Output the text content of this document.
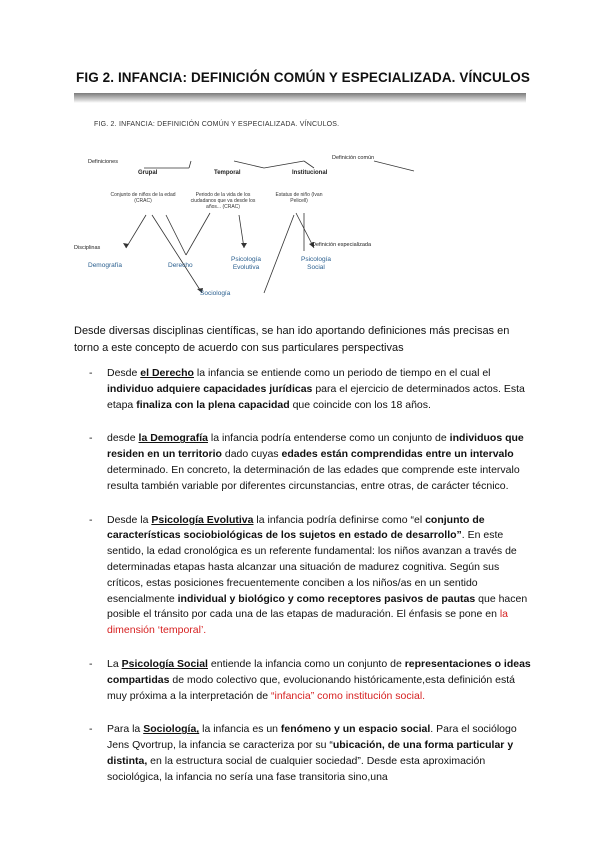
FIG 2. INFANCIA: DEFINICIÓN COMÚN Y ESPECIALIZADA. VÍNCULOS
FIG. 2. INFANCIA: DEFINICIÓN COMÚN Y ESPECIALIZADA. VÍNCULOS.
Definiciones
Definición común
Grupal	Temporal	Institucional
Conjunto de niños de la edad (CRAC)
Periodo de la vida de los ciudadanos que va desde los años... (CRAC)
Estatus de niño (Ivan Pelicell)
Disciplinas	Definición especializada
Demografía	Derecho
Psicología
Evolutiva
Psicología
Social
Sociología

Desde diversas disciplinas científicas, se han ido aportando definiciones más precisas en torno a este concepto de acuerdo con sus particulares perspectivas

- Desde el Derecho la infancia se entiende como un periodo de tiempo en el cual el individuo adquiere capacidades jurídicas para el ejercicio de determinados actos. Esta etapa finaliza con la plena capacidad que coincide con los 18 años.
- desde la Demografía la infancia podría entenderse como un conjunto de individuos que residen en un territorio dado cuyas edades están comprendidas entre un intervalo determinado. En concreto, la determinación de las edades que comprende este intervalo resulta también variable por diferentes circunstancias, entre otras, de carácter técnico.
- Desde la Psicología Evolutiva la infancia podría definirse como “el conjunto de características sociobiológicas de los sujetos en estado de desarrollo”. En este sentido, la edad cronológica es un referente fundamental: los niños avanzan a través de determinadas etapas hasta alcanzar una situación de madurez cognitiva. Según sus críticos, estas posiciones frecuentemente conciben a los niños/as en un sentido esencialmente individual y biológico y como receptores pasivos de pautas que hacen posible el tránsito por cada una de las etapas de maduración. El énfasis se pone en la dimensión ‘temporal’.
- La Psicología Social entiende la infancia como un conjunto de representaciones o ideas compartidas de modo colectivo que, evolucionando históricamente,esta definición está muy próxima a la interpretación de “infancia” como institución social.
- Para la Sociología, la infancia es un fenómeno y un espacio social. Para el sociólogo Jens Qvortrup, la infancia se caracteriza por su “ubicación, de una forma particular y distinta, en la estructura social de cualquier sociedad”. Desde esta aproximación sociológica, la infancia no sería una fase transitoria sino,una
